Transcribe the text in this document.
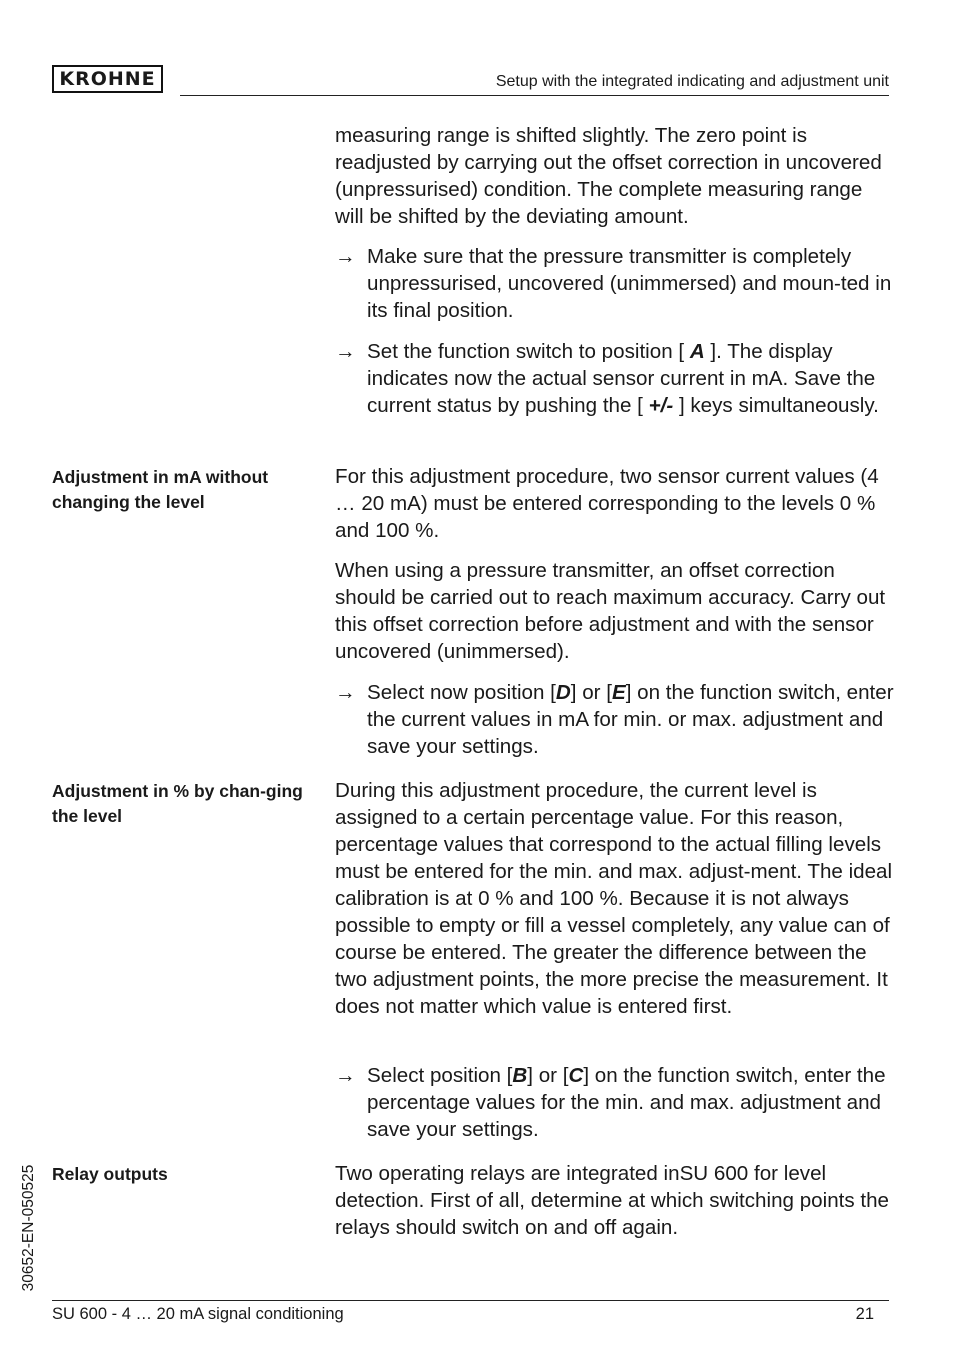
KROHNE	Setup with the integrated indicating and adjustment unit

measuring range is shifted slightly. The zero point is readjusted by carrying out the offset correction in uncovered (unpressurised) condition. The complete measuring range will be shifted by the deviating amount.

→ Make sure that the pressure transmitter is completely unpressurised, uncovered (unimmersed) and moun-ted in its final position.
→ Set the function switch to position [ A ]. The display indicates now the actual sensor current in mA. Save the current status by pushing the [ +/- ] keys simultaneously.
Adjustment in mA without changing the level

For this adjustment procedure, two sensor current values (4 … 20 mA) must be entered corresponding to the levels 0 % and 100 %.

When using a pressure transmitter, an offset correction should be carried out to reach maximum accuracy. Carry out this offset correction before adjustment and with the sensor uncovered (unimmersed).

→ Select now position [D] or [E] on the function switch, enter the current values in mA for min. or max. adjustment and save your settings.
Adjustment in % by chan-ging the level

During this adjustment procedure, the current level is assigned to a certain percentage value. For this reason, percentage values that correspond to the actual filling levels must be entered for the min. and max. adjust-ment. The ideal calibration is at 0 % and 100 %. Because it is not always possible to empty or fill a vessel completely, any value can of course be entered. The greater the difference between the two adjustment points, the more precise the measurement. It does not matter which value is entered first.

→ Select position [B] or [C] on the function switch, enter the percentage values for the min. and max. adjustment and save your settings.
Relay outputs	Two operating relays are integrated inSU 600 for level detection. First of all, determine at which switching points the relays should switch on and off again.

30652-EN-050525
SU 600 - 4 … 20 mA signal conditioning	21
